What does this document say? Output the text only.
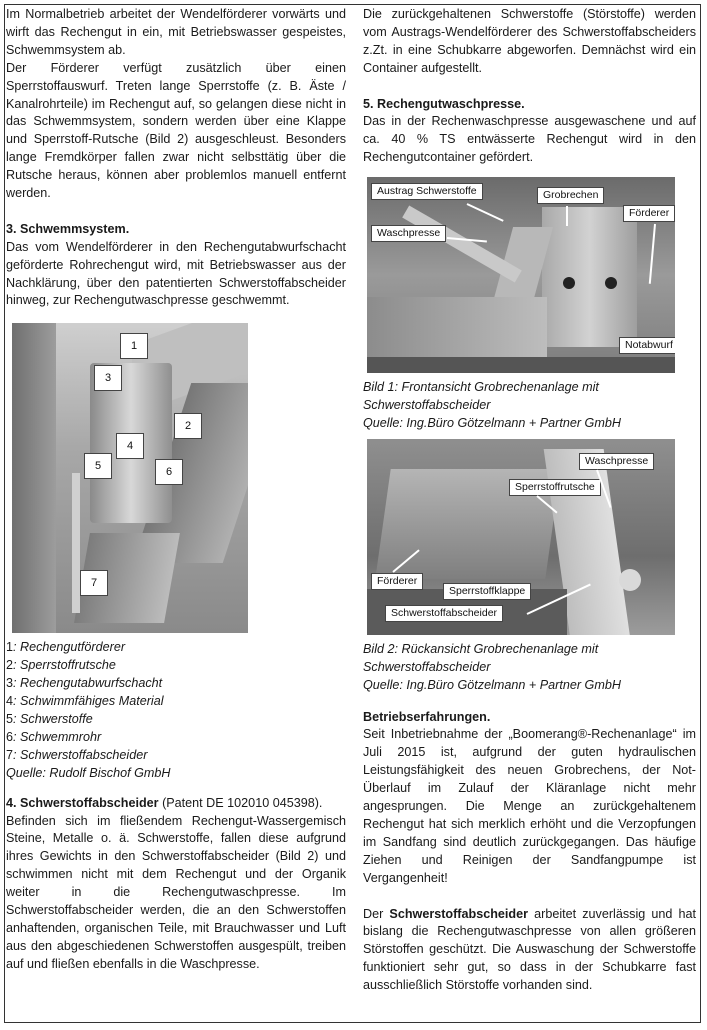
Im Normalbetrieb arbeitet der Wendelförderer vorwärts und wirft das Rechengut in ein, mit Betriebswasser gespeistes, Schwemmsystem ab.

Der Förderer verfügt zusätzlich über einen Sperrstoffauswurf. Treten lange Sperrstoffe (z. B. Äste / Kanalrohrteile) im Rechengut auf, so gelangen diese nicht in das Schwemmsystem, sondern werden über eine Klappe und Sperrstoff-Rutsche (Bild 2) ausgeschleust. Besonders lange Fremdkörper fallen zwar nicht selbsttätig über die Rutsche heraus, können aber problemlos manuell entfernt werden.

3. Schwemmsystem.

Das vom Wendelförderer in den Rechengutabwurfschacht geförderte Rohrechengut wird, mit Betriebswasser aus der Nachklärung, über den patentierten Schwerstoffabscheider hinweg, zur Rechengutwaschpresse geschwemmt.

1
2
3
4
5	6
7
1: Rechengutförderer
2: Sperrstoffrutsche
3: Rechengutabwurfschacht
4: Schwimmfähiges Material
5: Schwerstoffe
6: Schwemmrohr
7: Schwerstoffabscheider
Quelle: Rudolf Bischof GmbH

4. Schwerstoffabscheider (Patent DE 102010 045398).

Befinden sich im fließendem Rechengut-Wassergemisch Steine, Metalle o. ä. Schwerstoffe, fallen diese aufgrund ihres Gewichts in den Schwerstoffabscheider (Bild 2) und schwimmen nicht mit dem Rechengut und der Organik weiter in die Rechengutwaschpresse. Im Schwerstoffabscheider werden, die an den Schwerstoffen anhaftenden, organischen Teile, mit Brauchwasser und Luft aus den abgeschiedenen Schwerstoffen ausgespült, treiben auf und fließen ebenfalls in die Waschpresse.

Die zurückgehaltenen Schwerstoffe (Störstoffe) werden vom Austrags-Wendelförderer des Schwerstoffabscheiders z.Zt. in eine Schubkarre abgeworfen. Demnächst wird ein Container aufgestellt.

5. Rechengutwaschpresse.

Das in der Rechenwaschpresse ausgewaschene und auf ca. 40 % TS entwässerte Rechengut wird in den Rechengutcontainer gefördert.

Austrag Schwerstoffe	Grobrechen
Förderer
Waschpresse
Notabwurf
Bild 1: Frontansicht Grobrechenanlage mit Schwerstoffabscheider
Quelle: Ing.Büro Götzelmann + Partner GmbH
Waschpresse
Sperrstoffrutsche
Förderer
Sperrstoffklappe
Schwerstoffabscheider
Bild 2: Rückansicht Grobrechenanlage mit Schwerstoffabscheider
Quelle: Ing.Büro Götzelmann + Partner GmbH
Betriebserfahrungen.

Seit Inbetriebnahme der „Boomerang®-Rechenanlage“ im Juli 2015 ist, aufgrund der guten hydraulischen Leistungsfähigkeit des neuen Grobrechens, der Not-Überlauf im Zulauf der Kläranlage nicht mehr angesprungen. Die Menge an zurückgehaltenem Rechengut hat sich merklich erhöht und die Verzopfungen im Sandfang sind deutlich zurückgegangen. Das häufige Ziehen und Reinigen der Sandfangpumpe ist Vergangenheit!

Der Schwerstoffabscheider arbeitet zuverlässig und hat bislang die Rechengutwaschpresse von allen größeren Störstoffen geschützt. Die Auswaschung der Schwerstoffe funktioniert sehr gut, so dass in der Schubkarre fast ausschließlich Störstoffe vorhanden sind.
